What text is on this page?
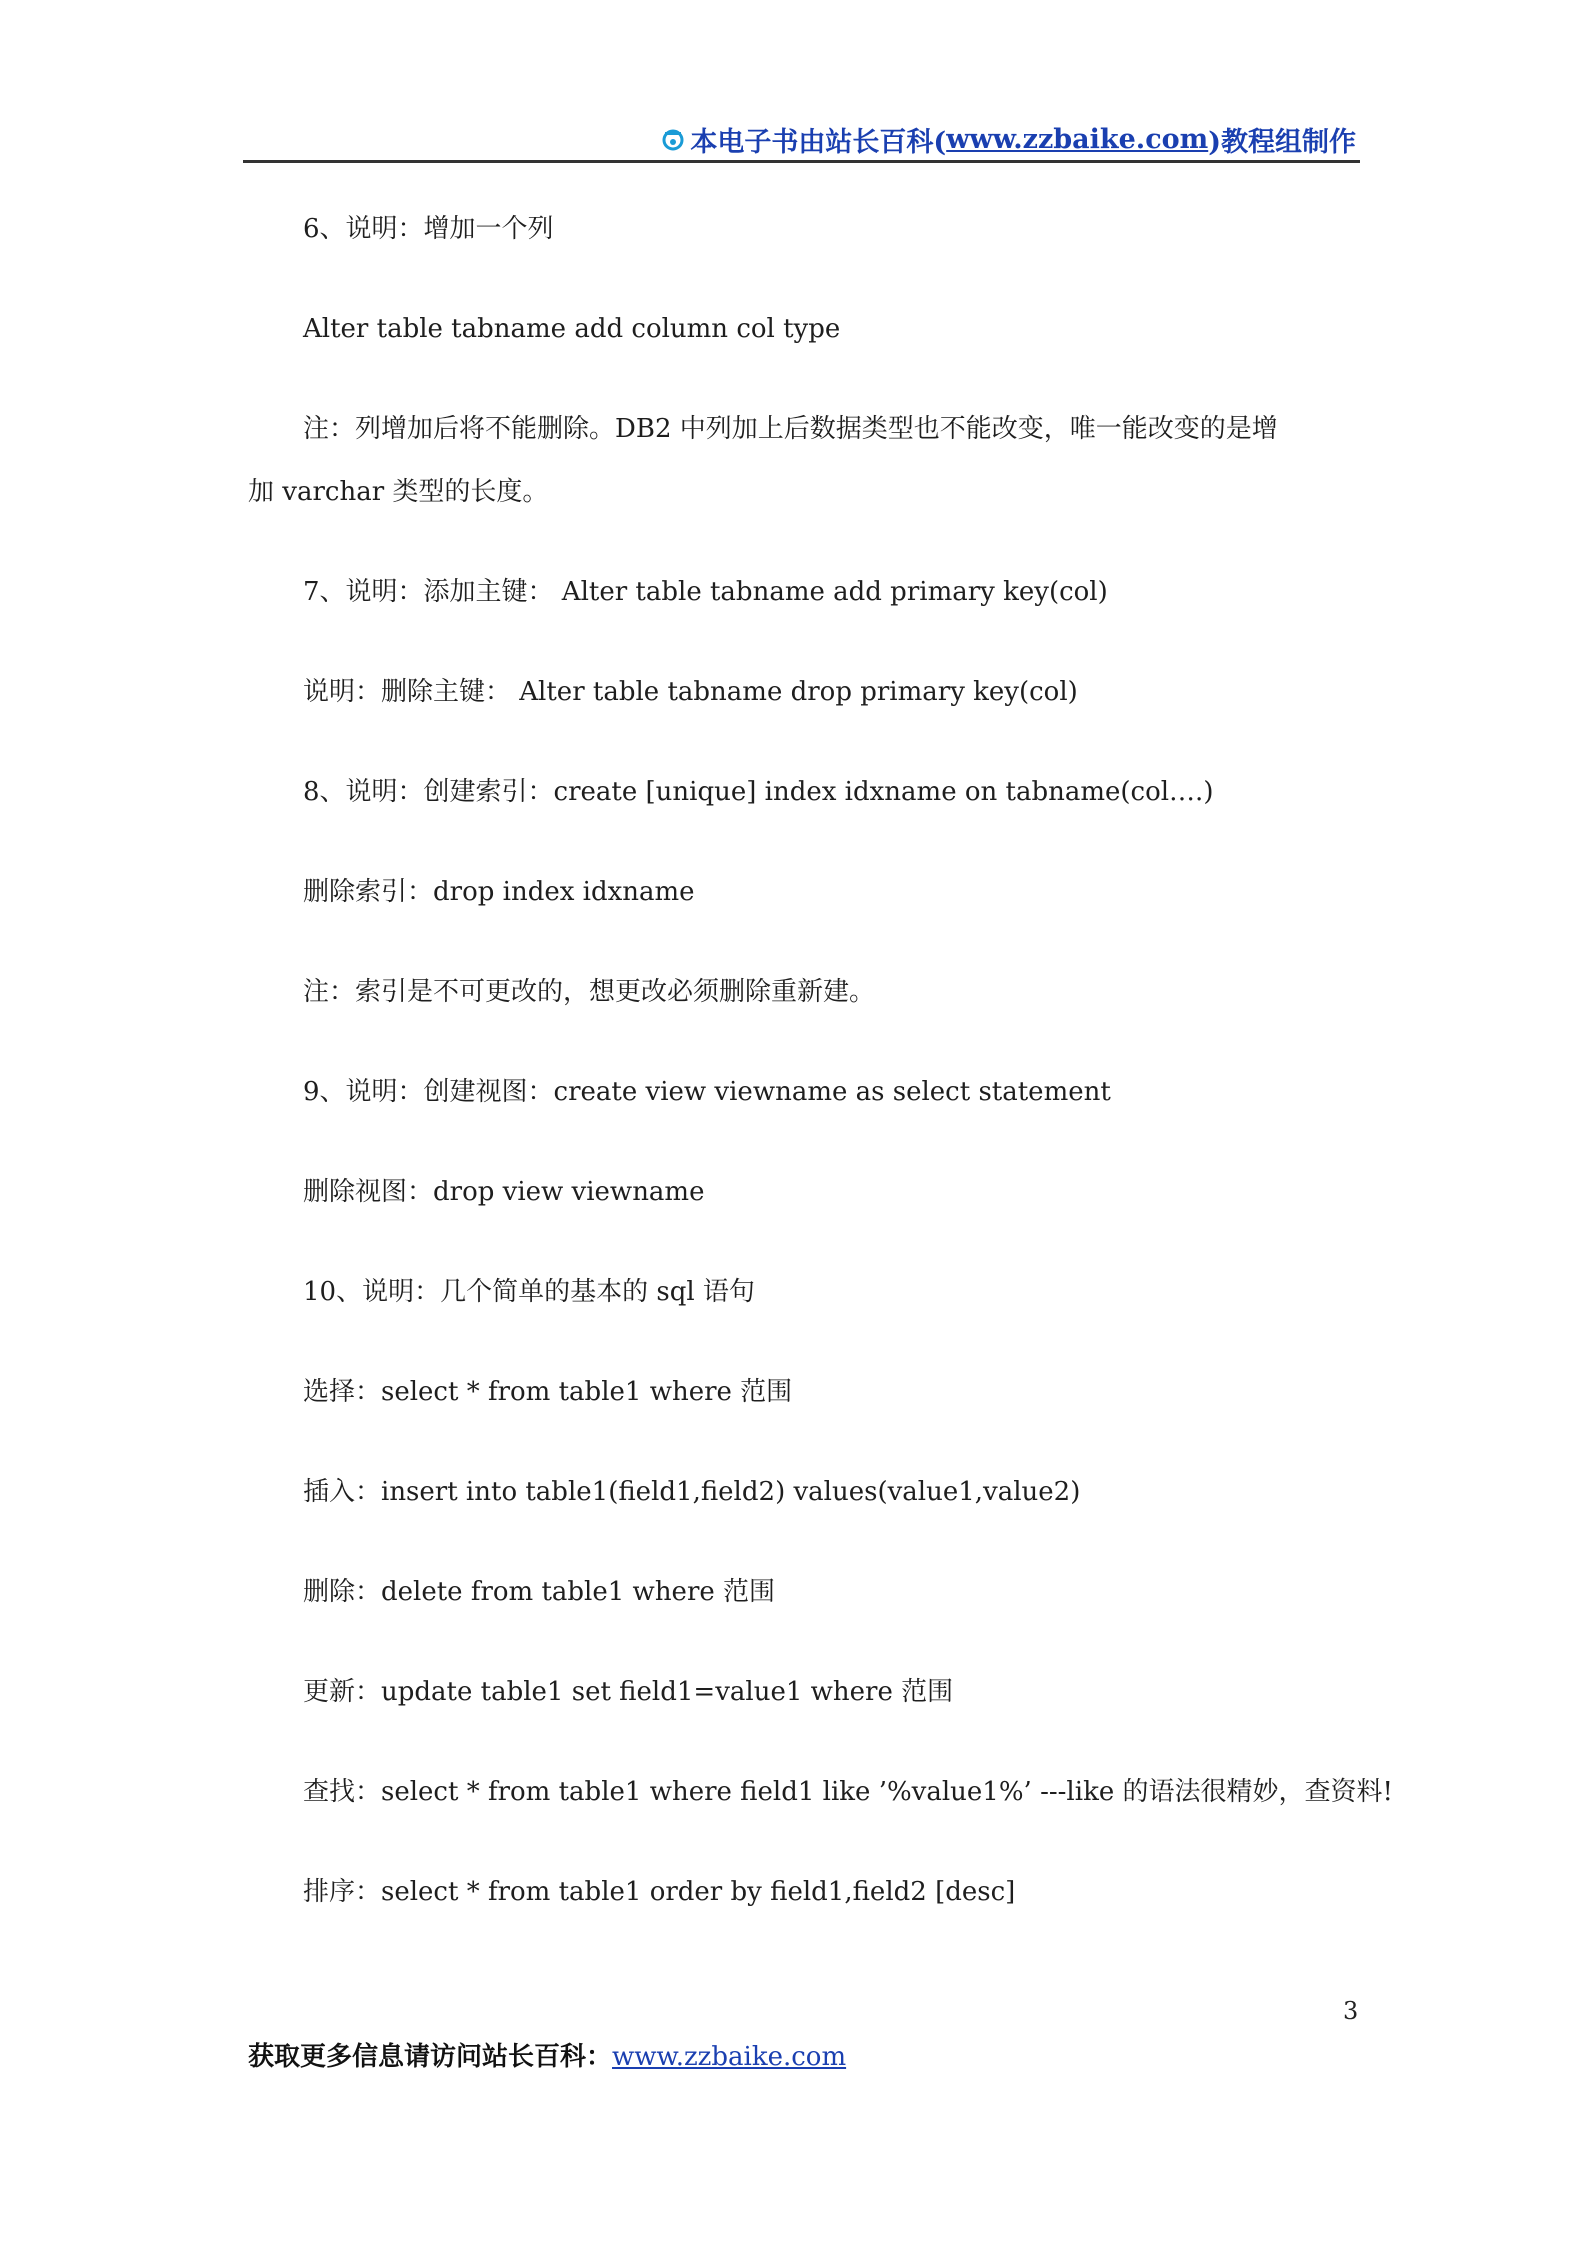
本电子书由站长百科( www.zzbaike.com )教程组制作
6、说明：增加一个列
Alter table tabname add column col type
注：列增加后将不能删除。DB2 中列加上后数据类型也不能改变，唯一能改变的是增
加 varchar 类型的长度。
7、说明：添加主键： Alter table tabname add primary key(col)
说明：删除主键： Alter table tabname drop primary key(col)
8、说明：创建索引：create [unique] index idxname on tabname(col….)
删除索引：drop index idxname
注：索引是不可更改的，想更改必须删除重新建。
9、说明：创建视图：create view viewname as select statement
删除视图：drop view viewname
10、说明：几个简单的基本的 sql 语句
选择：select * from table1 where 范围
插入：insert into table1(field1,field2) values(value1,value2)
删除：delete from table1 where 范围
更新：update table1 set field1=value1 where 范围
查找：select * from table1 where field1 like ’%value1%’ ---like 的语法很精妙，查资料!
排序：select * from table1 order by field1,field2 [desc]
3
获取更多信息请访问站长百科：www.zzbaike.com
